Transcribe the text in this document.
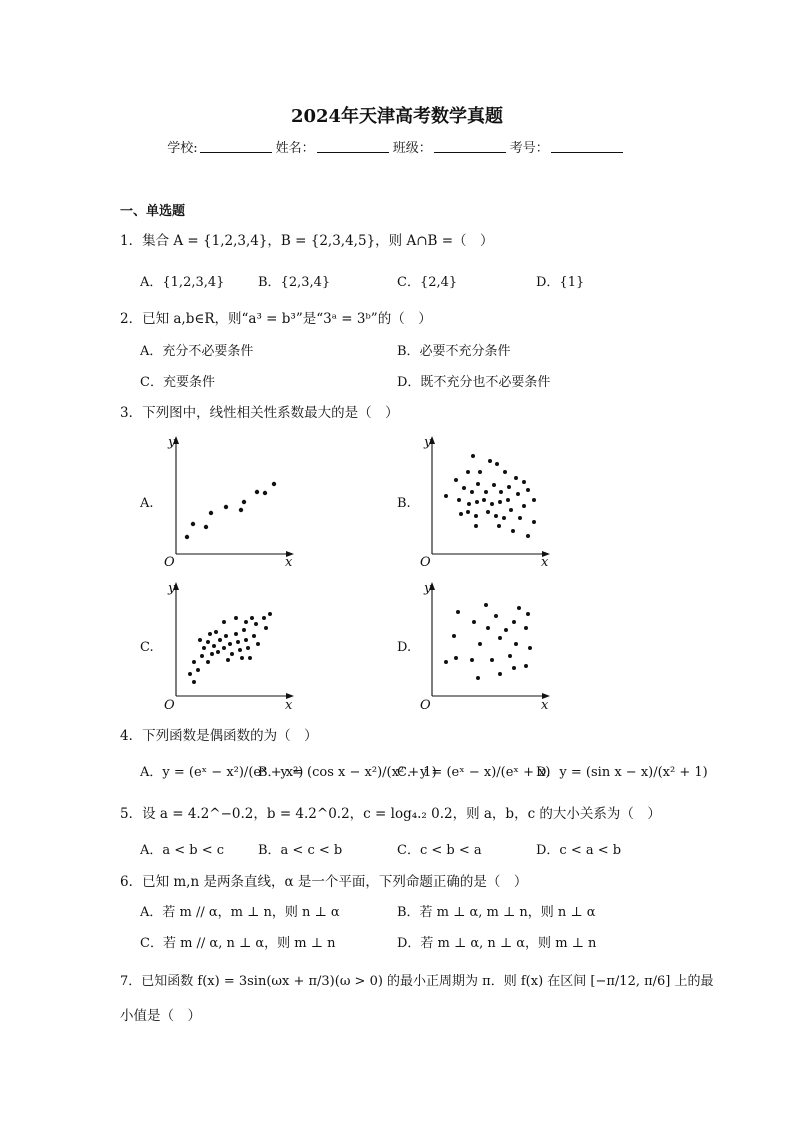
2024年天津高考数学真题
学校:	姓名：	班级：	考号：
一、单选题
1．集合 A = {1,2,3,4}，B = {2,3,4,5}，则 A∩B =（　）
A．{1,2,3,4}	B．{2,3,4}	C．{2,4}	D．{1}
2．已知 a,b∈R，则“a³ = b³”是“3ᵃ = 3ᵇ”的（　）
A．充分不必要条件	B．必要不充分条件
C．充要条件	D．既不充分也不必要条件
3．下列图中，线性相关性系数最大的是（　）
A.	B.
C.	D.
y
x
O
y
x
O
y
x
O
y
x
O
4．下列函数是偶函数的为（　）
A．y = (eˣ − x²)/(eˣ + x²)
B．y = (cos x − x²)/(x² + 1)
C．y = (eˣ − x)/(eˣ + x)
D．y = (sin x − x)/(x² + 1)
5．设 a = 4.2^−0.2，b = 4.2^0.2，c = log₄.₂ 0.2，则 a，b，c 的大小关系为（　）
A．a < b < c	B．a < c < b	C．c < b < a	D．c < a < b
6．已知 m,n 是两条直线，α 是一个平面，下列命题正确的是（　）
A．若 m // α，m ⊥ n，则 n ⊥ α	B．若 m ⊥ α, m ⊥ n，则 n ⊥ α
C．若 m // α, n ⊥ α，则 m ⊥ n	D．若 m ⊥ α, n ⊥ α，则 m ⊥ n
7．已知函数 f(x) = 3sin(ωx + π/3)(ω > 0) 的最小正周期为 π．则 f(x) 在区间 [−π/12, π/6] 上的最
小值是（　）
